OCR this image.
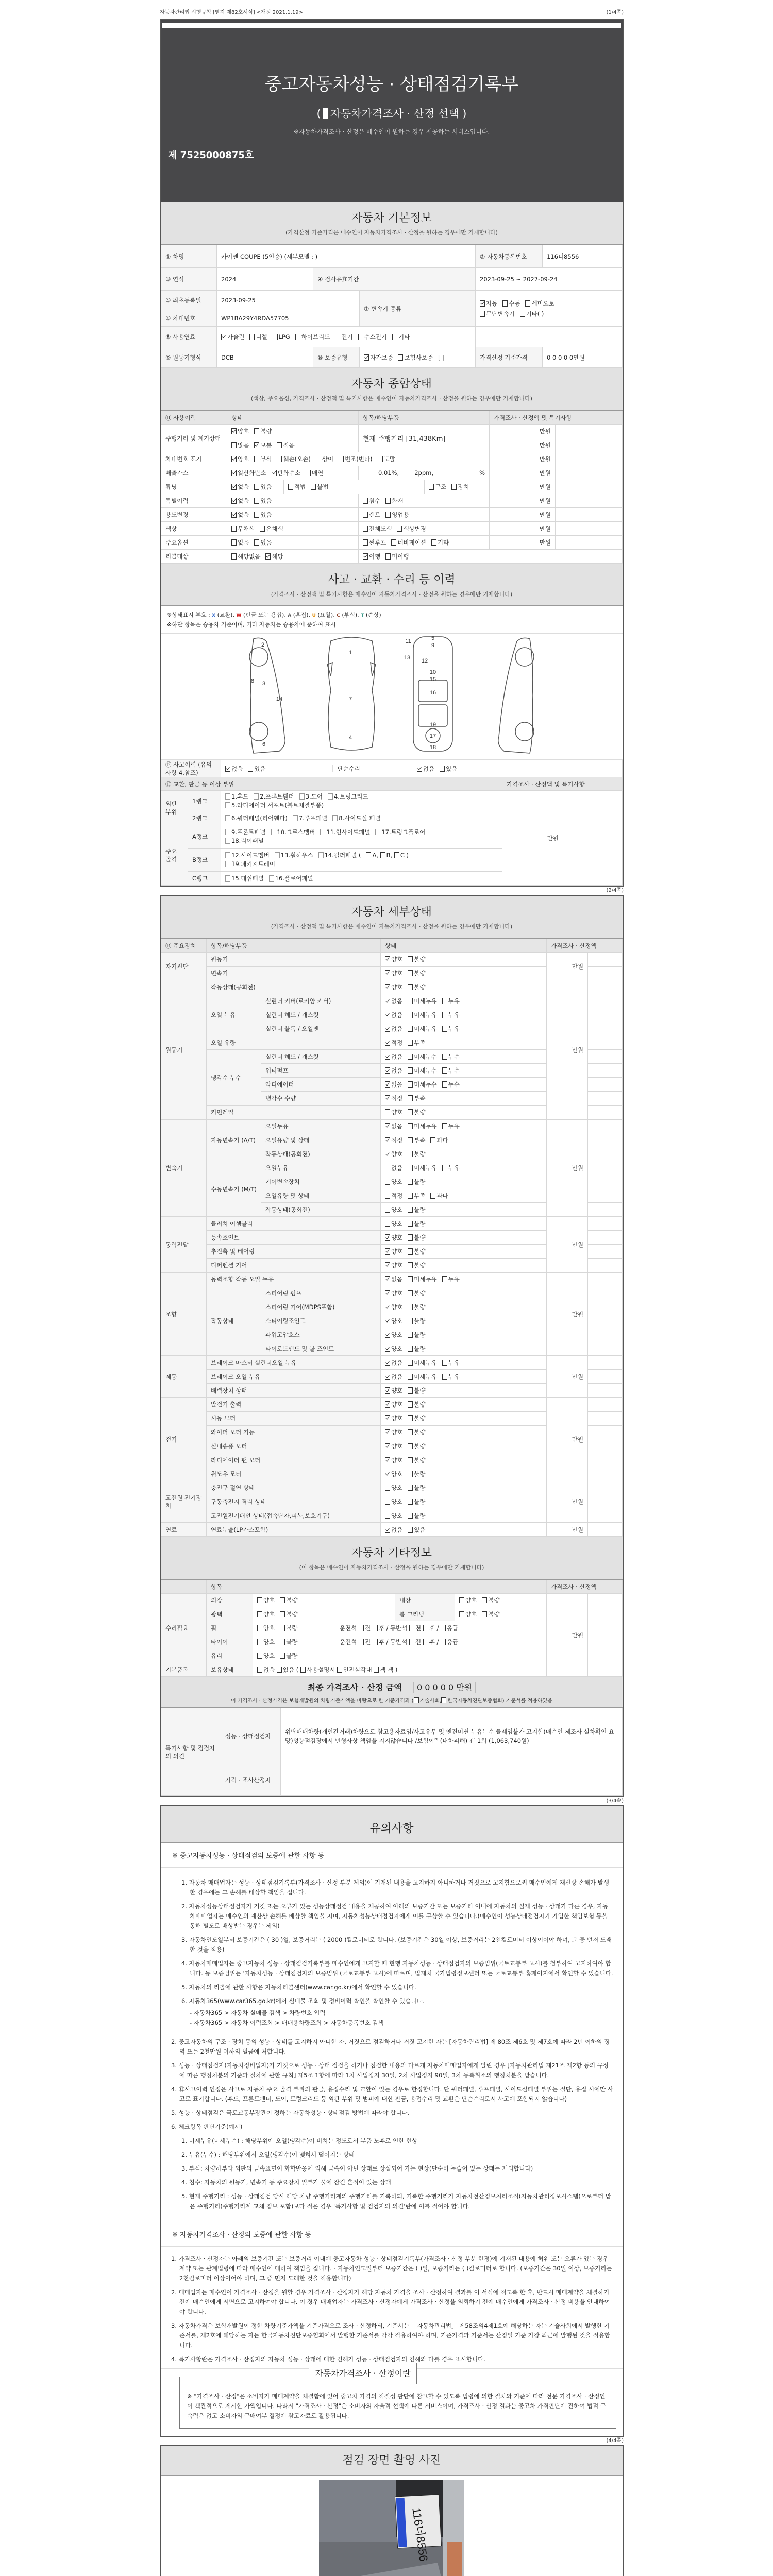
자동차관리법 시행규칙 [별지 제82호서식] <개정 2021.1.19>	(1/4쪽)
중고자동차성능 · 상태점검기록부
( 자동차가격조사 · 산정 선택 )
※자동차가격조사 · 산정은 매수인이 원하는 경우 제공하는 서비스입니다.
제 7525000875호
자동차 기본정보
(가격산정 기준가격은 매수인이 자동차가격조사 · 산정을 원하는 경우에만 기재합니다)
① 차명	카이엔 COUPE (5인승) (세부모델 : )			② 자동차등록번호	116너8556
③ 연식	2024	④ 검사유효기간		2023-09-25 ~ 2027-09-24	
⑤ 최초등록일	2023-09-25		⑦ 변속기 종류	자동 수동 세미오토
무단변속기 기타( )	
⑥ 차대번호	WP1BA29Y4RDA57705				
⑧ 사용연료	가솔린 디젤 LPG 하이브리드 전기 수소전기 기타				
⑨ 원동기형식	DCB	⑩ 보증유형	자가보증 보험사보증 [ ]	가격산정 기준가격	0 0 0 0 0만원
자동차 종합상태
(색상, 주요옵션, 가격조사 · 산정액 및 특기사항은 매수인이 자동차가격조사 · 산정을 원하는 경우에만 기재합니다)
⑪ 사용이력	상태		항목/해당부품		가격조사 · 산정액 및 특기사항	
주행거리 및 계기상태	양호 불량		현재 주행거리 [31,438Km]		만원	
	많음 보통 적음				만원	
차대번호 표기	양호 부식 훼손(오손) 상이 변조(변타) 도말				만원	
배출가스	일산화탄소 탄화수소 매연		0.01%, 2ppm, %		만원	
튜닝	없음 있음	적법 불법		구조 장치	만원	
특별이력	없음 있음		침수 화재		만원	
용도변경	없음 있음		렌트 영업용		만원	
색상	무채색 유채색		전체도색 색상변경		만원	
주요옵션	없음 있음		썬루프 네비게이션 기타		만원	
리콜대상	해당없음 해당		이행 미이행			
사고 · 교환 · 수리 등 이력
(가격조사 · 산정액 및 특기사항은 매수인이 자동차가격조사 · 산정을 원하는 경우에만 기재합니다)
※상태표시 부호 : X (교환), W (판금 또는 용접), A (흠집), U (요철), C (부식), T (손상)
※하단 항목은 승용차 기준이며, 기타 자동차는 승용차에 준하여 표시
1
2
3
4
5
6
7
8
9
10
11
12
13
14
15
16
17
18
19
⑫ 사고이력 (유의사항 4.참조)		없음 있음 단순수리 없음 있음		
⑬ 교환, 판금 등 이상 부위			가격조사 · 산정액 및 특기사항	
외판 부위	1랭크	1.후드 2.프론트휀더 3.도어 4.트렁크리드
5.라디에이터 서포트(볼트체결부품)	만원	
	2랭크	6.쿼터패널(리어휀다) 7.루프패널 8.사이드실 패널		
주요 골격	A랭크	9.프론트패널 10.크로스멤버 11.인사이드패널 17.트렁크플로어
18.리어패널		
	B랭크	12.사이드멤버 13.휠하우스 14.필러패널 ( A, B, C )
19.패키지트레이		
	C랭크	15.대쉬패널 16.플로어패널		
(2/4쪽)
자동차 세부상태
(가격조사 · 산정액 및 특기사항은 매수인이 자동차가격조사 · 산정을 원하는 경우에만 기재합니다)
⑭ 주요장치	항목/해당부품		상태	가격조사 · 산정액	
자기진단	원동기		양호 불량	만원	
	변속기		양호 불량		
원동기	작동상태(공회전)		양호 불량	만원	
	오일 누유	실린더 커버(로커암 커버)	없음 미세누유 누유		
		실린더 헤드 / 개스킷	없음 미세누유 누유		
		실린더 블록 / 오일팬	없음 미세누유 누유		
	오일 유량		적정 부족		
	냉각수 누수	실린더 헤드 / 개스킷	없음 미세누수 누수		
		워터펌프	없음 미세누수 누수		
		라디에이터	없음 미세누수 누수		
		냉각수 수량	적정 부족		
	커먼레일		양호 불량		
변속기	자동변속기 (A/T)	오일누유	없음 미세누유 누유	만원	
		오일유량 및 상태	적정 부족 과다		
		작동상태(공회전)	양호 불량		
	수동변속기 (M/T)	오일누유	없음 미세누유 누유		
		기어변속장치	양호 불량		
		오일유량 및 상태	적정 부족 과다		
		작동상태(공회전)	양호 불량		
동력전달	클러치 어셈블리		양호 불량	만원	
	등속조인트		양호 불량		
	추진축 및 베어링		양호 불량		
	디퍼렌셜 기어		양호 불량		
조향	동력조향 작동 오일 누유		없음 미세누유 누유	만원	
	작동상태	스티어링 펌프	양호 불량		
		스티어링 기어(MDPS포함)	양호 불량		
		스티어링조인트	양호 불량		
		파워고압호스	양호 불량		
		타이로드엔드 및 볼 조인트	양호 불량		
제동	브레이크 마스터 실린더오일 누유		없음 미세누유 누유	만원	
	브레이크 오일 누유		없음 미세누유 누유		
	배력장치 상태		양호 불량		
전기	발전기 출력		양호 불량	만원	
	시동 모터		양호 불량		
	와이퍼 모터 기능		양호 불량		
	실내송풍 모터		양호 불량		
	라디에이터 팬 모터		양호 불량		
	윈도우 모터		양호 불량		
고전원 전기장치	충전구 절연 상태		양호 불량	만원	
	구동축전지 격리 상태		양호 불량		
	고전원전기배선 상태(접속단자,피복,보호기구)		양호 불량		
연료	연료누출(LP가스포함)		없음 있음	만원	
자동차 기타정보
(이 항목은 매수인이 자동차가격조사 · 산정을 원하는 경우에만 기재합니다)
	항목					가격조사 · 산정액	
수리필요	외장	양호 불량		내장	양호 불량	만원	
	광택	양호 불량		룸 크리닝	양호 불량		
	휠	양호 불량	운전석 전 후 / 동반석 전 후 / 응급				
	타이어	양호 불량	운전석 전 후 / 동반석 전 후 / 응급				
	유리	양호 불량					
기본품목	보유상태	없음 있음 ( 사용설명서 안전삼각대 잭 잭 )					
최종 가격조사 · 산정 금액 0 0 0 0 0 만원
이 가격조사 · 산정가격은 보험개발원의 차량기준가액을 바탕으로 한 기준가격과 ( 기술사회, 한국자동차진단보증협회) 기준서를 적용하였음
특기사항 및 점검자의 의견	성능 · 상태점검자	위탁매매차량(개인간거래)차량으로 참고용자료임/사고유무 및 엔진미션 누유누수 클레임불가 고지함(매수인 제조사 실차확인 요망)성능점검장에서 민형사상 책임을 지지않습니다 /보험이력(내차피해) 有 1회 (1,063,740원)
	가격 · 조사산정자	
(3/4쪽)
유의사항
※ 중고자동차성능 · 상태점검의 보증에 관한 사항 등

1. 자동차 매매업자는 성능 · 상태점검기록부(가격조사 · 산정 부분 제외)에 기재된 내용을 고지하지 아니하거나 거짓으로 고지함으로써 매수인에게 재산상 손해가 발생한 경우에는 그 손해를 배상할 책임을 집니다.

2. 자동차성능상태점검자가 거짓 또는 오류가 있는 성능상태점검 내용을 제공하여 아래의 보증기간 또는 보증거리 이내에 자동차의 실제 성능 · 상태가 다른 경우, 자동차매매업자는 매수인의 재산상 손해를 배상할 책임을 지며, 자동차성능상태점검자에게 이를 구상할 수 있습니다.(매수인이 성능상태점검자가 가입한 책임보험 등을 통해 별도로 배상받는 경우는 제외)

3. 자동차인도일부터 보증기간은 ( 30 )일, 보증거리는 ( 2000 )킬로미터로 합니다. (보증기간은 30일 이상, 보증거리는 2천킬로미터 이상이어야 하며, 그 중 먼저 도래한 것을 적용)

4. 자동차매매업자는 중고자동차 성능 · 상태점검기록부를 매수인에게 고지할 때 현행 자동차성능 · 상태점검자의 보증범위(국토교통부 고시)를 첨부하여 고지하여야 합니다. 동 보증범위는 '자동차성능 · 상태점검자의 보증범위'(국토교통부 고시)에 따르며, 법제처 국가법령정보센터 또는 국토교통부 홈페이지에서 확인할 수 있습니다.

5. 자동차의 리콜에 관한 사항은 자동차리콜센터(www.car.go.kr)에서 확인할 수 있습니다.

6. 자동차365(www.car365.go.kr)에서 실매물 조회 및 정비이력 확인을 확인할 수 있습니다.

- 자동차365 > 자동차 실매물 검색 > 차량번호 입력

- 자동차365 > 자동차 이력조회 > 매매용차량조회 > 자동차등록번호 검색

2. 중고자동차의 구조 · 장치 등의 성능 · 상태를 고지하지 아니한 자, 거짓으로 점검하거나 거짓 고지한 자는 [자동차관리법] 제 80조 제6호 및 제7호에 따라 2년 이하의 징역 또는 2천만원 이하의 벌금에 처합니다.

3. 성능 · 상태점검자(자동차정비업자)가 거짓으로 성능 · 상태 점검을 하거나 점검한 내용과 다르게 자동차매매업자에게 알린 경우 [자동차관리법 제21조 제2항 등의 규정에 따른 행정처분의 기준과 절차에 관한 규칙] 제5조 1항에 따라 1차 사업정지 30일, 2차 사업정지 90일, 3차 등록취소의 행정처분을 받습니다.

4. ⑫사고이력 인정은 사고로 자동차 주요 골격 부위의 판금, 용접수리 및 교환이 있는 경우로 한정합니다. 단 쿼터패널, 루프패널, 사이드실패널 부위는 절단, 용접 시에만 사고로 표기합니다. (후드, 프론트펜더, 도어, 트렁크리드 등 외판 부위 및 범퍼에 대한 판금, 용접수리 및 교환은 단순수리로서 사고에 포함되지 않습니다)

5. 성능 · 상태점검은 국토교통부장관이 정하는 자동차성능 · 상태점검 방법에 따라야 합니다.

6. 체크항목 판단기준(예시)

1. 미세누유(미세누수) : 해당부위에 오일(냉각수)이 비치는 정도로서 부품 노후로 인한 현상

2. 누유(누수) : 해당부위에서 오일(냉각수)이 맺혀서 떨어지는 상태

3. 부식: 차량하부와 외판의 금속표면이 화학반응에 의해 금속이 아닌 상태로 상실되어 가는 현상(단순히 녹슬어 있는 상태는 제외합니다)

4. 침수: 자동차의 원동기, 변속기 등 주요장치 일부가 물에 잠긴 흔적이 있는 상태

5. 현재 주행거리 : 성능 · 상태점검 당시 해당 차량 주행거리계의 주행거리를 기록하되, 기록한 주행거리가 자동차전산정보처리조직(자동차관리정보시스템)으로부터 받은 주행거리(주행거리계 교체 정보 포함)보다 적은 경우 '특기사항 및 점검자의 의견'란에 이를 적어야 합니다.

※ 자동차가격조사 · 산정의 보증에 관한 사항 등

1. 가격조사 · 산정자는 아래의 보증기간 또는 보증거리 이내에 중고자동차 성능 · 상태점검기록부(가격조사 · 산정 부분 한정)에 기재된 내용에 허위 또는 오류가 있는 경우 계약 또는 관계법령에 따라 매수인에 대하여 책임을 집니다. · 자동차인도일부터 보증기간은 ( )일, 보증거리는 ( )킬로미터로 합니다. (보증기간은 30일 이상, 보증거리는 2천킬로미터 이상이어야 하며, 그 중 먼저 도래한 것을 적용합니다)

2. 매매업자는 매수인이 가격조사 · 산정을 원할 경우 가격조사 · 산정자가 해당 자동차 가격을 조사 · 산정하여 결과를 이 서식에 적도록 한 후, 반드시 매매계약을 체결하기 전에 매수인에게 서면으로 고지하여야 합니다. 이 경우 매매업자는 가격조사 · 산정자에게 가격조사 · 산정을 의뢰하기 전에 매수인에게 가격조사 · 산정 비용을 안내하여야 합니다.

3. 자동차가격은 보험개발원이 정한 차량기준가액을 기준가격으로 조사 · 산정하되, 기준서는 「자동차관리법」 제58조의4제1호에 해당하는 자는 기술사회에서 발행한 기준서를, 제2호에 해당하는 자는 한국자동차진단보증협회에서 발행한 기준서를 각각 적용하여야 하며, 기준가격과 기준서는 산정일 기준 가장 최근에 발행된 것을 적용합니다.

4. 특기사항란은 가격조사 · 산정자의 자동차 성능 · 상태에 대한 견해가 성능 · 상태점검자의 견해와 다를 경우 표시합니다.

자동차가격조사 · 산정이란
※ "가격조사 · 산정"은 소비자가 매매계약을 체결함에 있어 중고차 가격의 적절성 판단에 참고할 수 있도록 법령에 의한 절차와 기준에 따라 전문 가격조사 · 산정인이 객관적으로 제시한 가액입니다. 따라서 "가격조사 · 산정"은 소비자의 자율적 선택에 따른 서비스이며, 가격조사 · 산정 결과는 중고차 가격판단에 관하여 법적 구속력은 없고 소비자의 구매여부 결정에 참고자료로 활용됩니다.
(4/4쪽)
점검 장면 촬영 사진
116너8556
